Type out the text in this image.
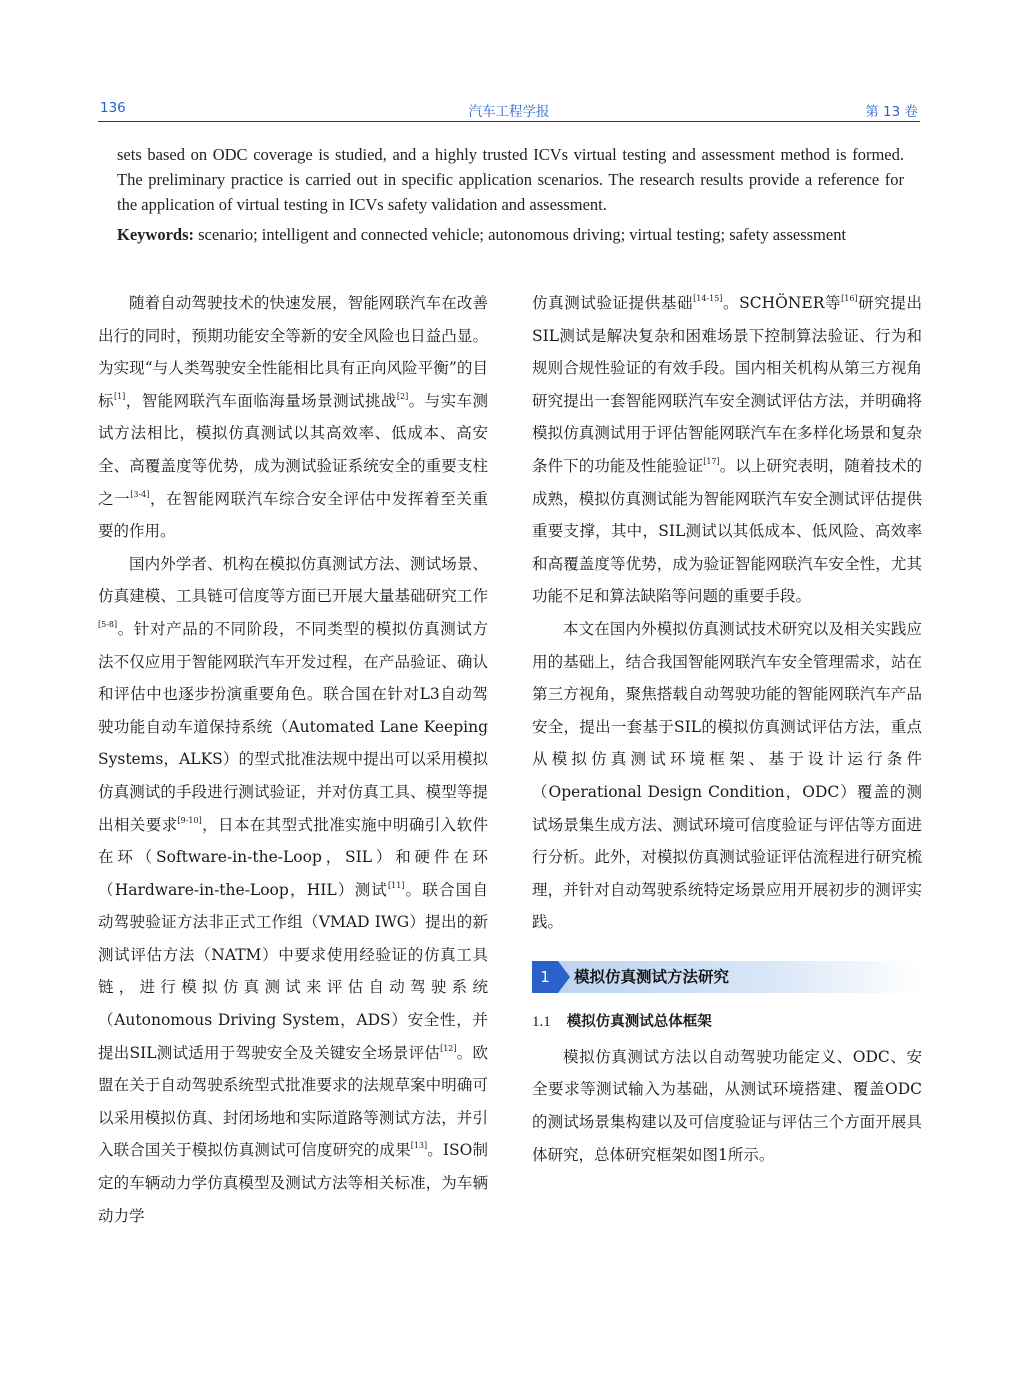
136	汽车工程学报	第 13 卷
sets based on ODC coverage is studied, and a highly trusted ICVs virtual testing and assessment method is formed. The preliminary practice is carried out in specific application scenarios. The research results provide a reference for the application of virtual testing in ICVs safety validation and assessment.
Keywords: scenario; intelligent and connected vehicle; autonomous driving; virtual testing; safety assessment

随着自动驾驶技术的快速发展，智能网联汽车在改善出行的同时，预期功能安全等新的安全风险也日益凸显。为实现“与人类驾驶安全性能相比具有正向风险平衡”的目标[1]，智能网联汽车面临海量场景测试挑战[2]。与实车测试方法相比，模拟仿真测试以其高效率、低成本、高安全、高覆盖度等优势，成为测试验证系统安全的重要支柱之一[3-4]，在智能网联汽车综合安全评估中发挥着至关重要的作用。

国内外学者、机构在模拟仿真测试方法、测试场景、仿真建模、工具链可信度等方面已开展大量基础研究工作[5-8]。针对产品的不同阶段，不同类型的模拟仿真测试方法不仅应用于智能网联汽车开发过程，在产品验证、确认和评估中也逐步扮演重要角色。联合国在针对L3自动驾驶功能自动车道保持系统（Automated Lane Keeping Systems，ALKS）的型式批准法规中提出可以采用模拟仿真测试的手段进行测试验证，并对仿真工具、模型等提出相关要求[9-10]，日本在其型式批准实施中明确引入软件在环（Software-in-the-Loop，SIL）和硬件在环（Hardware-in-the-Loop，HIL）测试[11]。联合国自动驾驶验证方法非正式工作组（VMAD IWG）提出的新测试评估方法（NATM）中要求使用经验证的仿真工具链，进行模拟仿真测试来评估自动驾驶系统（Autonomous Driving System，ADS）安全性，并提出SIL测试适用于驾驶安全及关键安全场景评估[12]。欧盟在关于自动驾驶系统型式批准要求的法规草案中明确可以采用模拟仿真、封闭场地和实际道路等测试方法，并引入联合国关于模拟仿真测试可信度研究的成果[13]。ISO制定的车辆动力学仿真模型及测试方法等相关标准，为车辆动力学

仿真测试验证提供基础[14-15]。SCHÖNER等[16]研究提出SIL测试是解决复杂和困难场景下控制算法验证、行为和规则合规性验证的有效手段。国内相关机构从第三方视角研究提出一套智能网联汽车安全测试评估方法，并明确将模拟仿真测试用于评估智能网联汽车在多样化场景和复杂条件下的功能及性能验证[17]。以上研究表明，随着技术的成熟，模拟仿真测试能为智能网联汽车安全测试评估提供重要支撑，其中，SIL测试以其低成本、低风险、高效率和高覆盖度等优势，成为验证智能网联汽车安全性，尤其功能不足和算法缺陷等问题的重要手段。

本文在国内外模拟仿真测试技术研究以及相关实践应用的基础上，结合我国智能网联汽车安全管理需求，站在第三方视角，聚焦搭载自动驾驶功能的智能网联汽车产品安全，提出一套基于SIL的模拟仿真测试评估方法，重点从模拟仿真测试环境框架、基于设计运行条件（Operational Design Condition，ODC）覆盖的测试场景集生成方法、测试环境可信度验证与评估等方面进行分析。此外，对模拟仿真测试验证评估流程进行研究梳理，并针对自动驾驶系统特定场景应用开展初步的测评实践。

1	模拟仿真测试方法研究
1.1 模拟仿真测试总体框架

模拟仿真测试方法以自动驾驶功能定义、ODC、安全要求等测试输入为基础，从测试环境搭建、覆盖ODC的测试场景集构建以及可信度验证与评估三个方面开展具体研究，总体研究框架如图1所示。
